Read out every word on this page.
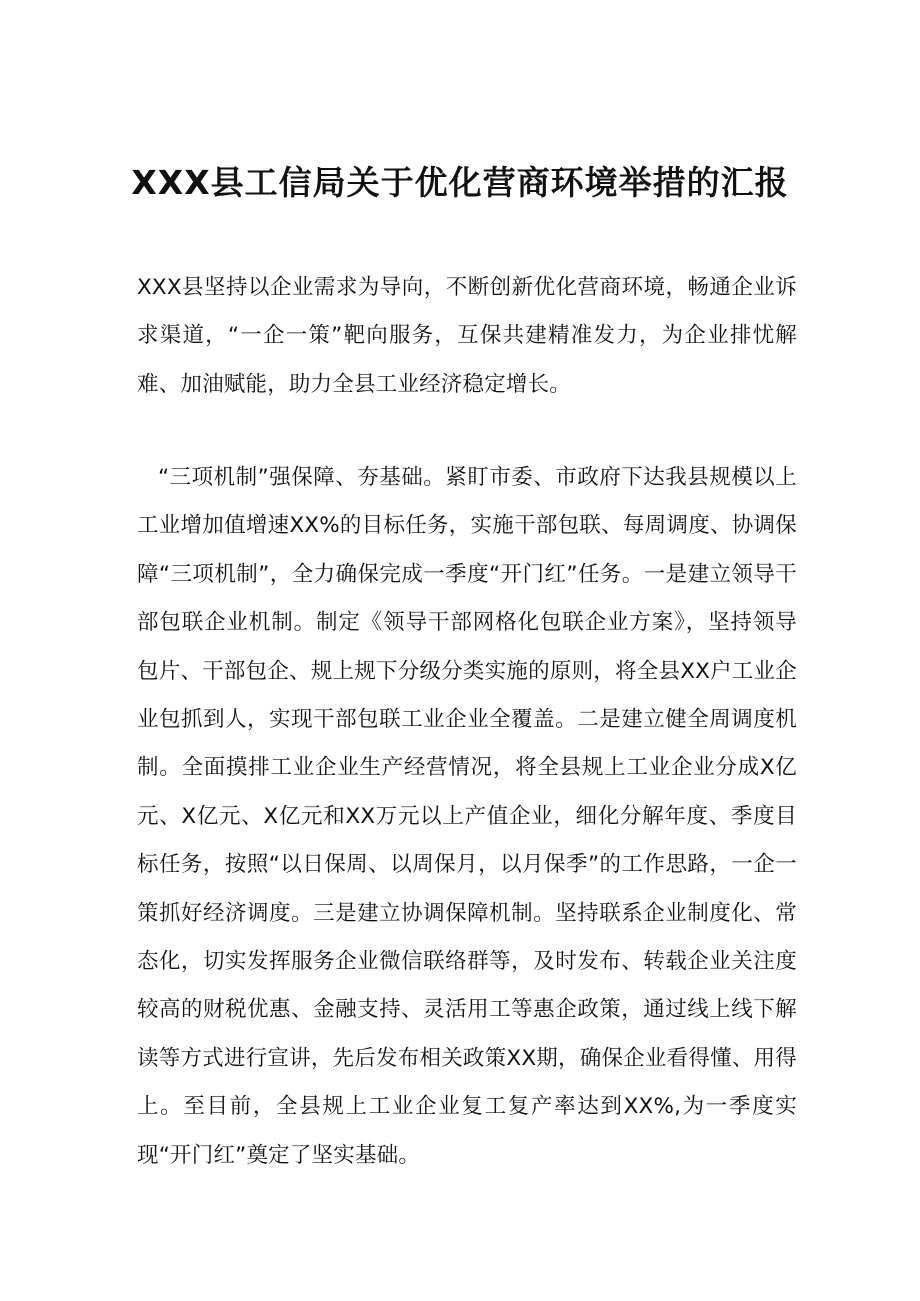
XXX县工信局关于优化营商环境举措的汇报

XXX县坚持以企业需求为导向，不断创新优化营商环境，畅通企业诉求渠道，“一企一策”靶向服务，互保共建精准发力，为企业排忧解难、加油赋能，助力全县工业经济稳定增长。

“三项机制”强保障、夯基础。紧盯市委、市政府下达我县规模以上工业增加值增速XX%的目标任务，实施干部包联、每周调度、协调保障“三项机制”，全力确保完成一季度“开门红”任务。一是建立领导干部包联企业机制。制定《领导干部网格化包联企业方案》，坚持领导包片、干部包企、规上规下分级分类实施的原则，将全县XX户工业企业包抓到人，实现干部包联工业企业全覆盖。二是建立健全周调度机制。全面摸排工业企业生产经营情况，将全县规上工业企业分成X亿元、X亿元、X亿元和XX万元以上产值企业，细化分解年度、季度目标任务，按照“以日保周、以周保月，以月保季”的工作思路，一企一策抓好经济调度。三是建立协调保障机制。坚持联系企业制度化、常态化，切实发挥服务企业微信联络群等，及时发布、转载企业关注度较高的财税优惠、金融支持、灵活用工等惠企政策，通过线上线下解读等方式进行宣讲，先后发布相关政策XX期，确保企业看得懂、用得上。至目前，全县规上工业企业复工复产率达到XX%,为一季度实现“开门红”奠定了坚实基础。
